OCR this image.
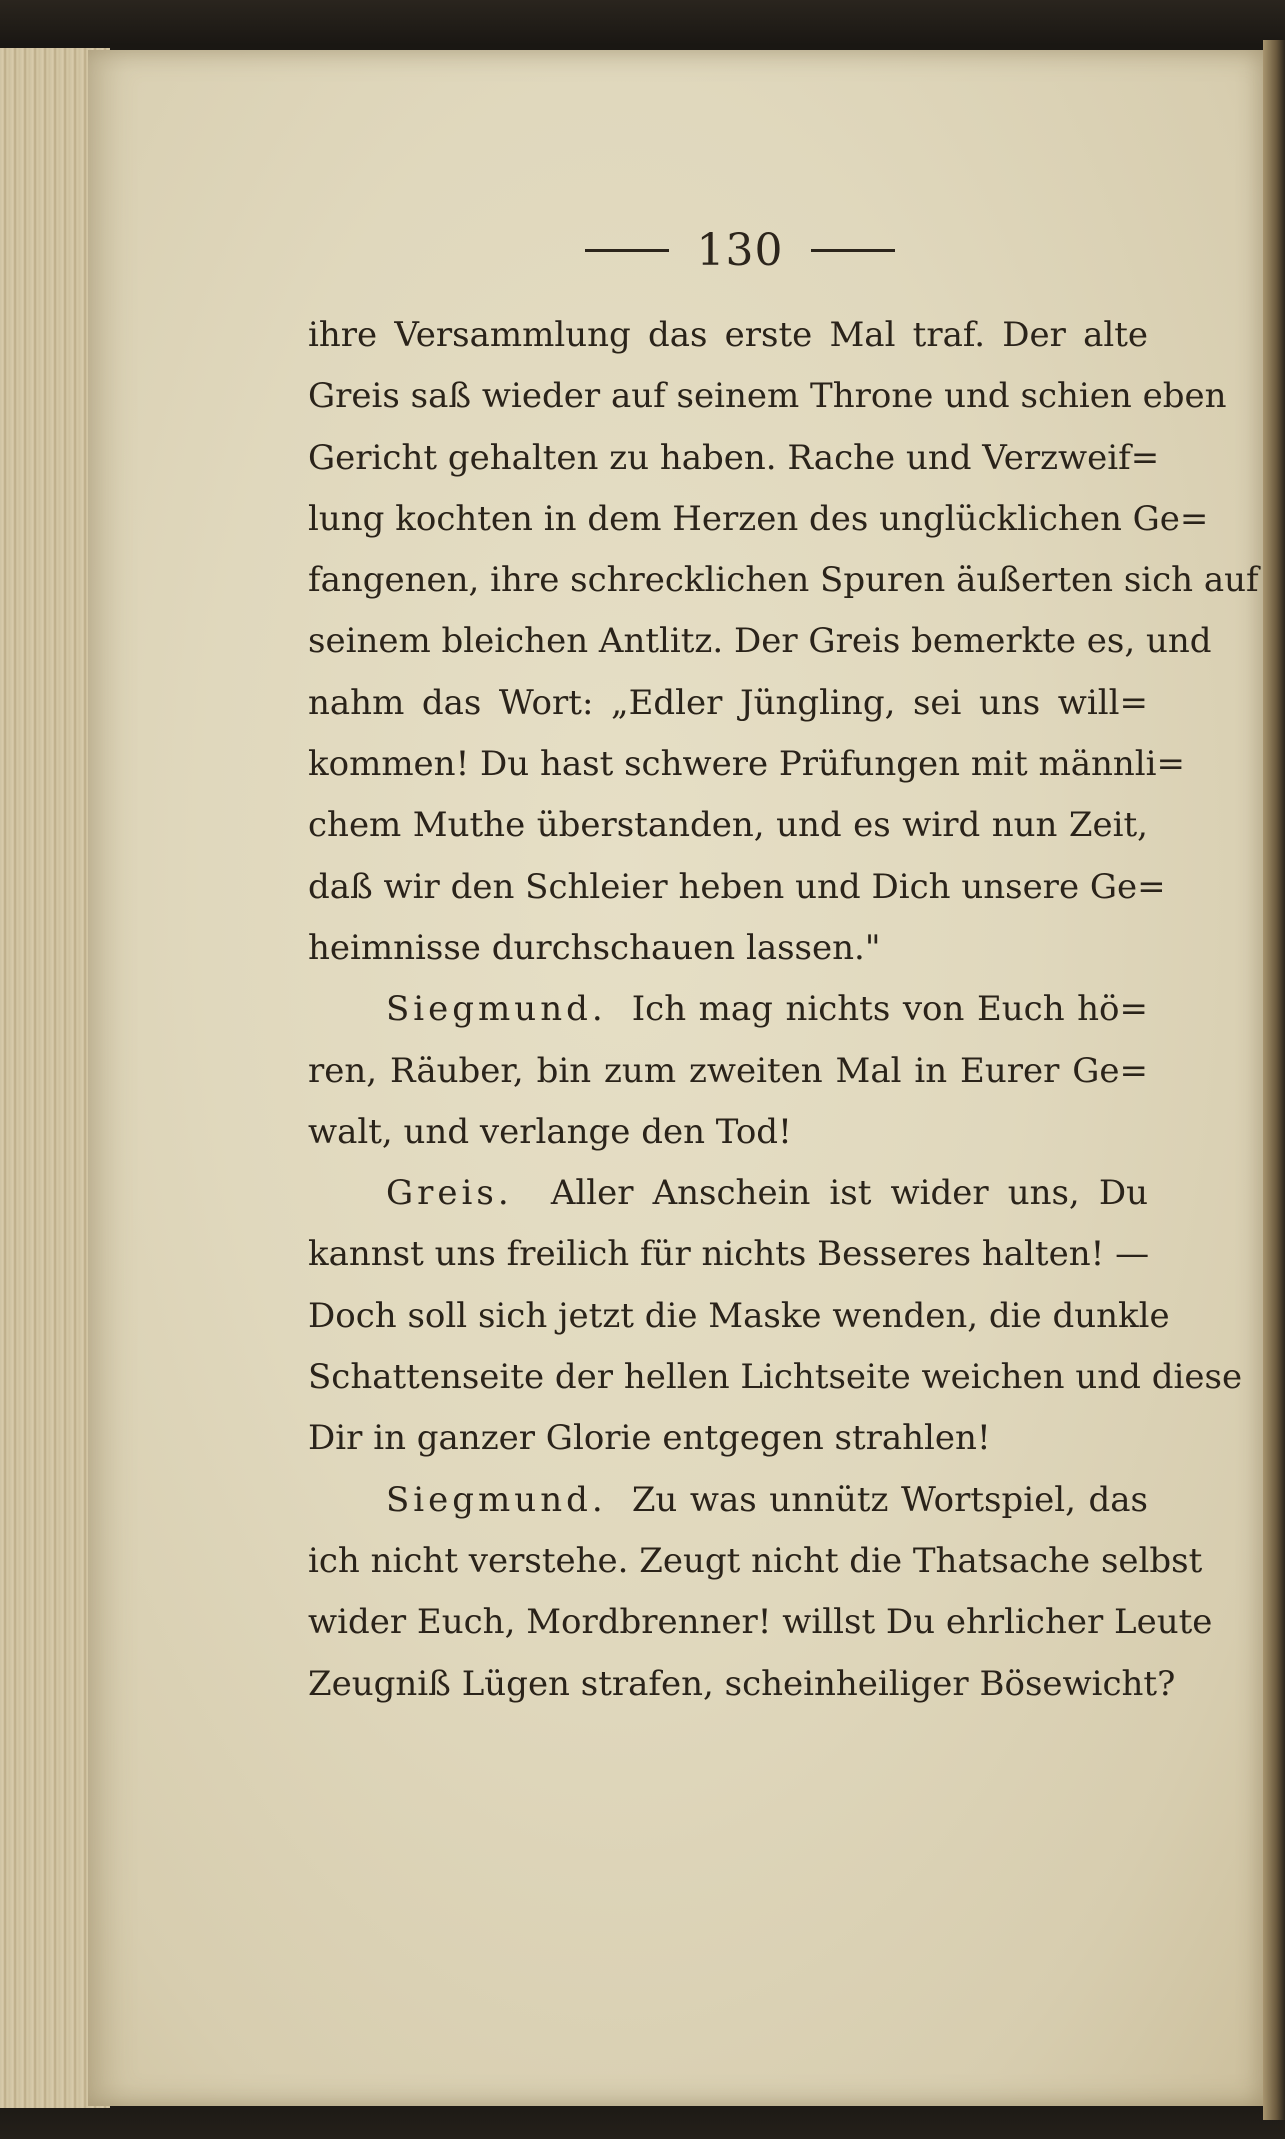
130
ihre Versammlung das erste Mal traf. Der alte
Greis saß wieder auf seinem Throne und schien eben
Gericht gehalten zu haben. Rache und Verzweif=
lung kochten in dem Herzen des unglücklichen Ge=
fangenen, ihre schrecklichen Spuren äußerten sich auf
seinem bleichen Antlitz. Der Greis bemerkte es, und
nahm das Wort: „Edler Jüngling, sei uns will=
kommen! Du hast schwere Prüfungen mit männli=
chem Muthe überstanden, und es wird nun Zeit,
daß wir den Schleier heben und Dich unsere Ge=
heimnisse durchschauen lassen."
Siegmund. Ich mag nichts von Euch hö=
ren, Räuber, bin zum zweiten Mal in Eurer Ge=
walt, und verlange den Tod!
Greis. Aller Anschein ist wider uns, Du
kannst uns freilich für nichts Besseres halten! —
Doch soll sich jetzt die Maske wenden, die dunkle
Schattenseite der hellen Lichtseite weichen und diese
Dir in ganzer Glorie entgegen strahlen!
Siegmund. Zu was unnütz Wortspiel, das
ich nicht verstehe. Zeugt nicht die Thatsache selbst
wider Euch, Mordbrenner! willst Du ehrlicher Leute
Zeugniß Lügen strafen, scheinheiliger Bösewicht?
